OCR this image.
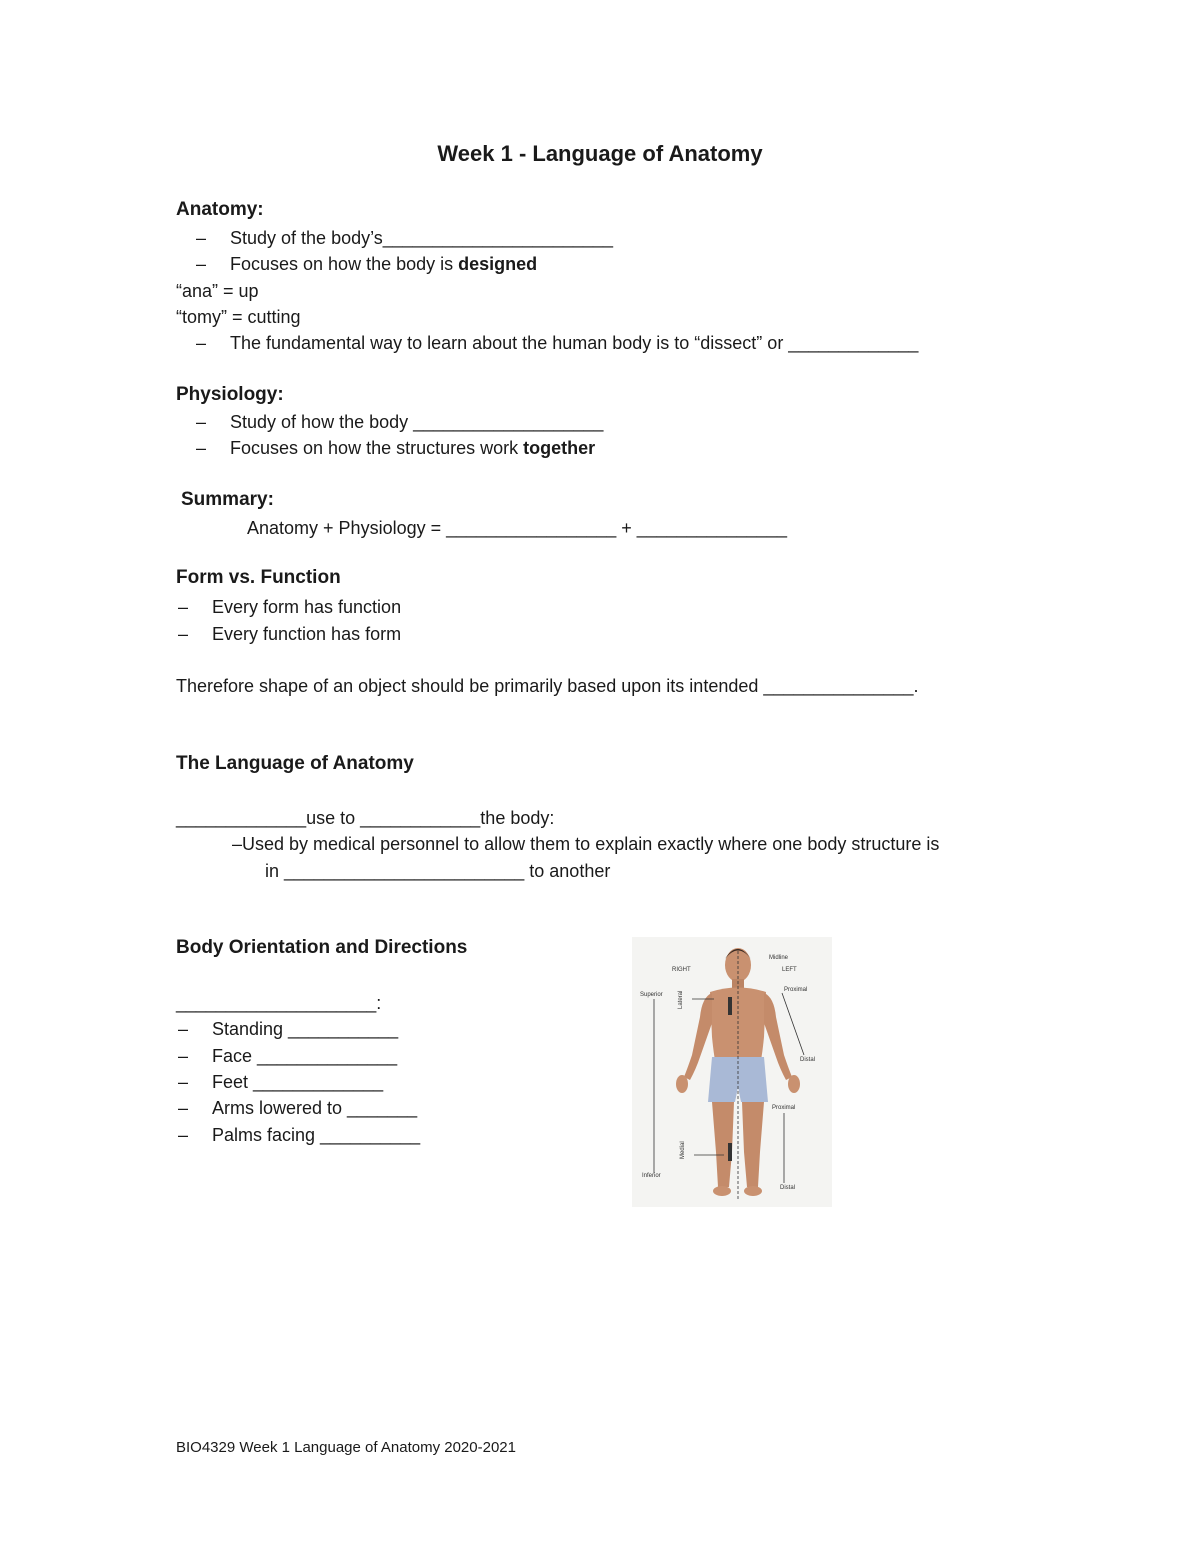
Week 1 - Language of Anatomy
Anatomy:
– Study of the body’s_______________________
– Focuses on how the body is designed
“ana” = up
“tomy” = cutting
– The fundamental way to learn about the human body is to “dissect” or _____________
Physiology:
– Study of how the body ___________________
– Focuses on how the structures work together
Summary:
Anatomy + Physiology = _________________ + _______________
Form vs. Function
– Every form has function
– Every function has form
Therefore shape of an object should be primarily based upon its intended _______________.
The Language of Anatomy
_____________use to ____________the body:
–Used by medical personnel to allow them to explain exactly where one body structure is
in ________________________ to another
Body Orientation and Directions
____________________:
– Standing ___________
– Face ______________
– Feet _____________
– Arms lowered to _______
– Palms facing __________
RIGHT	LEFT
Midline
Superior
Inferior
Proximal
Distal
Proximal
Distal
Lateral
Medial
BIO4329 Week 1 Language of Anatomy 2020-2021
